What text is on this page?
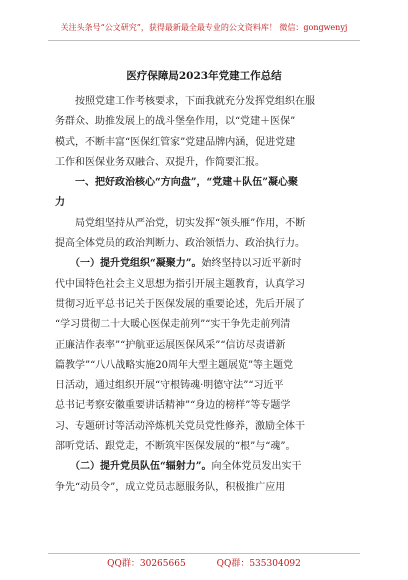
关注头条号“公文研究”，获得最新最全最专业的公文资料库！ 微信：gongwenyj
医疗保障局2023年党建工作总结

　　按照党建工作考核要求，下面我就充分发挥党组织在服

务群众、助推发展上的战斗堡垒作用，以“党建＋医保”

模式，不断丰富“医保红管家”党建品牌内涵，促进党建

工作和医保业务双融合、双提升，作简要汇报。

　　一、把好政治核心“方向盘”，“党建＋队伍”凝心聚

力

　　局党组坚持从严治党，切实发挥“领头雁”作用，不断

提高全体党员的政治判断力、政治领悟力、政治执行力。

　　（一）提升党组织“凝聚力”。始终坚持以习近平新时

代中国特色社会主义思想为指引开展主题教育，认真学习

贯彻习近平总书记关于医保发展的重要论述，先后开展了

“学习贯彻二十大暖心医保走前列”“实干争先走前列清

正廉洁作表率”“护航亚运展医保风采”“信访尽责谱新

篇教学”“八八战略实施20周年大型主题展览”等主题党

日活动，通过组织开展“守根铸魂·明德守法”“习近平

总书记考察安徽重要讲话精神”“身边的榜样”等专题学

习、专题研讨等活动淬炼机关党员党性修养，激励全体干

部听党话、跟党走，不断筑牢医保发展的“根”与“魂”。

　　（二）提升党员队伍“辐射力”。向全体党员发出实干

争先“动员令”，成立党员志愿服务队，积极推广应用

QQ群：30265665	QQ群：535304092
